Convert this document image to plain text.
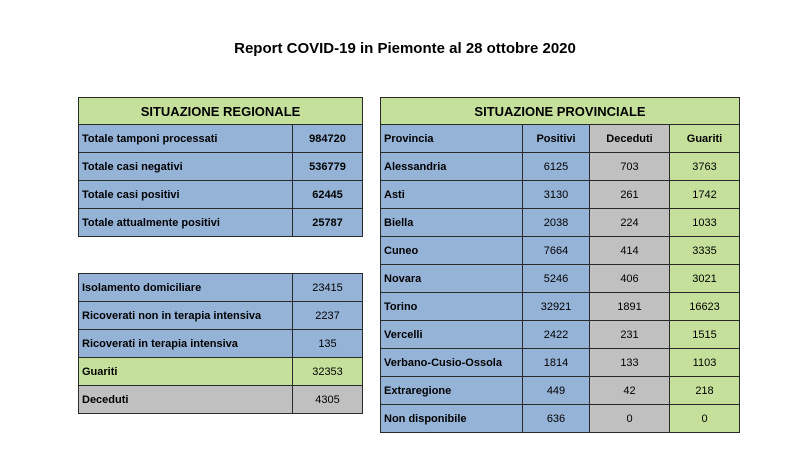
Report COVID-19 in Piemonte al 28 ottobre 2020
SITUAZIONE REGIONALE	
Totale tamponi processati	984720
Totale casi negativi	536779
Totale casi positivi	62445
Totale attualmente positivi	25787
Isolamento domiciliare	23415
Ricoverati non in terapia intensiva	2237
Ricoverati in terapia intensiva	135
Guariti	32353
Deceduti	4305
SITUAZIONE PROVINCIALE			
Provincia	Positivi	Deceduti	Guariti
Alessandria	6125	703	3763
Asti	3130	261	1742
Biella	2038	224	1033
Cuneo	7664	414	3335
Novara	5246	406	3021
Torino	32921	1891	16623
Vercelli	2422	231	1515
Verbano-Cusio-Ossola	1814	133	1103
Extraregione	449	42	218
Non disponibile	636	0	0
